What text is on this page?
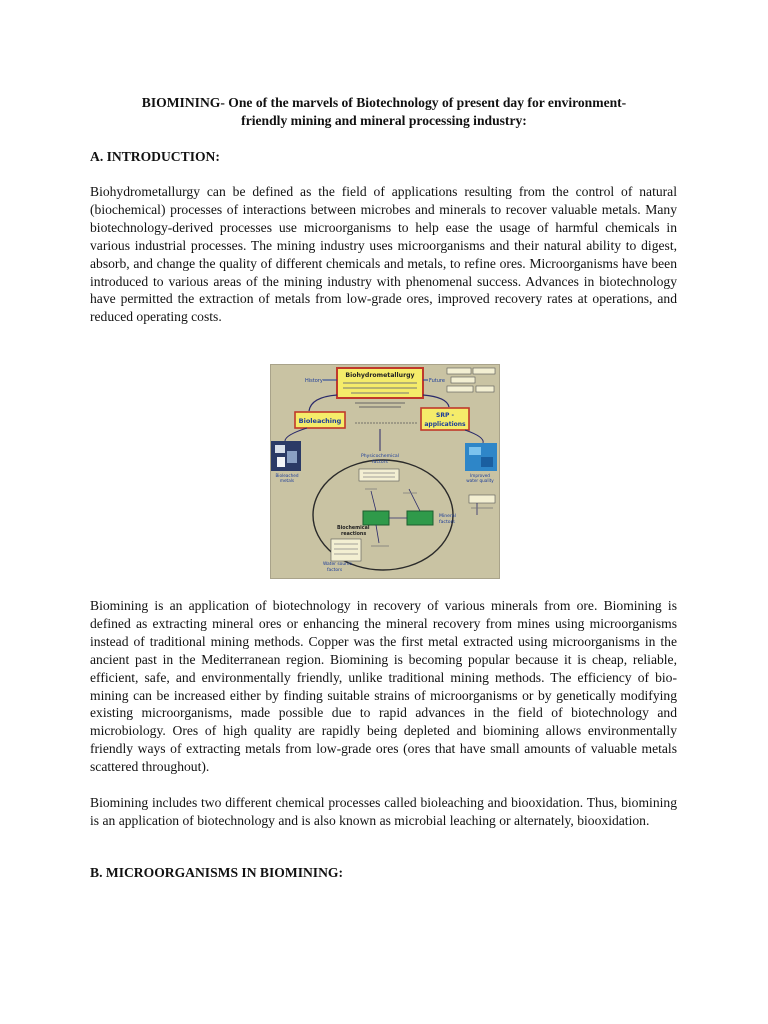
BIOMINING- One of the marvels of Biotechnology of present day for environment-
friendly mining and mineral processing industry:
A. INTRODUCTION:
Biohydrometallurgy can be defined as the field of applications resulting from the control of natural (biochemical) processes of interactions between microbes and minerals to recover valuable metals. Many biotechnology-derived processes use microorganisms to help ease the usage of harmful chemicals in various industrial processes. The mining industry uses microorganisms and their natural ability to digest, absorb, and change the quality of different chemicals and metals, to refine ores. Microorganisms have been introduced to various areas of the mining industry with phenomenal success. Advances in biotechnology have permitted the extraction of metals from low-grade ores, improved recovery rates at operations, and reduced operating costs.
Biohydrometallurgy
History	Future
Bioleaching
SRP -
applications
Bioleached
metals
Improved
water quality
Physicochemical
factors
Biochemical
reactions
Mineral
factors
Water source
factors
Biomining is an application of biotechnology in recovery of various minerals from ore. Biomining is defined as extracting mineral ores or enhancing the mineral recovery from mines using microorganisms instead of traditional mining methods. Copper was the first metal extracted using microorganisms in the ancient past in the Mediterranean region. Biomining is becoming popular because it is cheap, reliable, efficient, safe, and environmentally friendly, unlike traditional mining methods. The efficiency of bio-mining can be increased either by finding suitable strains of microorganisms or by genetically modifying existing microorganisms, made possible due to rapid advances in the field of biotechnology and microbiology. Ores of high quality are rapidly being depleted and biomining allows environmentally friendly ways of extracting metals from low-grade ores (ores that have small amounts of valuable metals scattered throughout).
Biomining includes two different chemical processes called bioleaching and biooxidation. Thus, biomining is an application of biotechnology and is also known as microbial leaching or alternately, biooxidation.
B. MICROORGANISMS IN BIOMINING:
